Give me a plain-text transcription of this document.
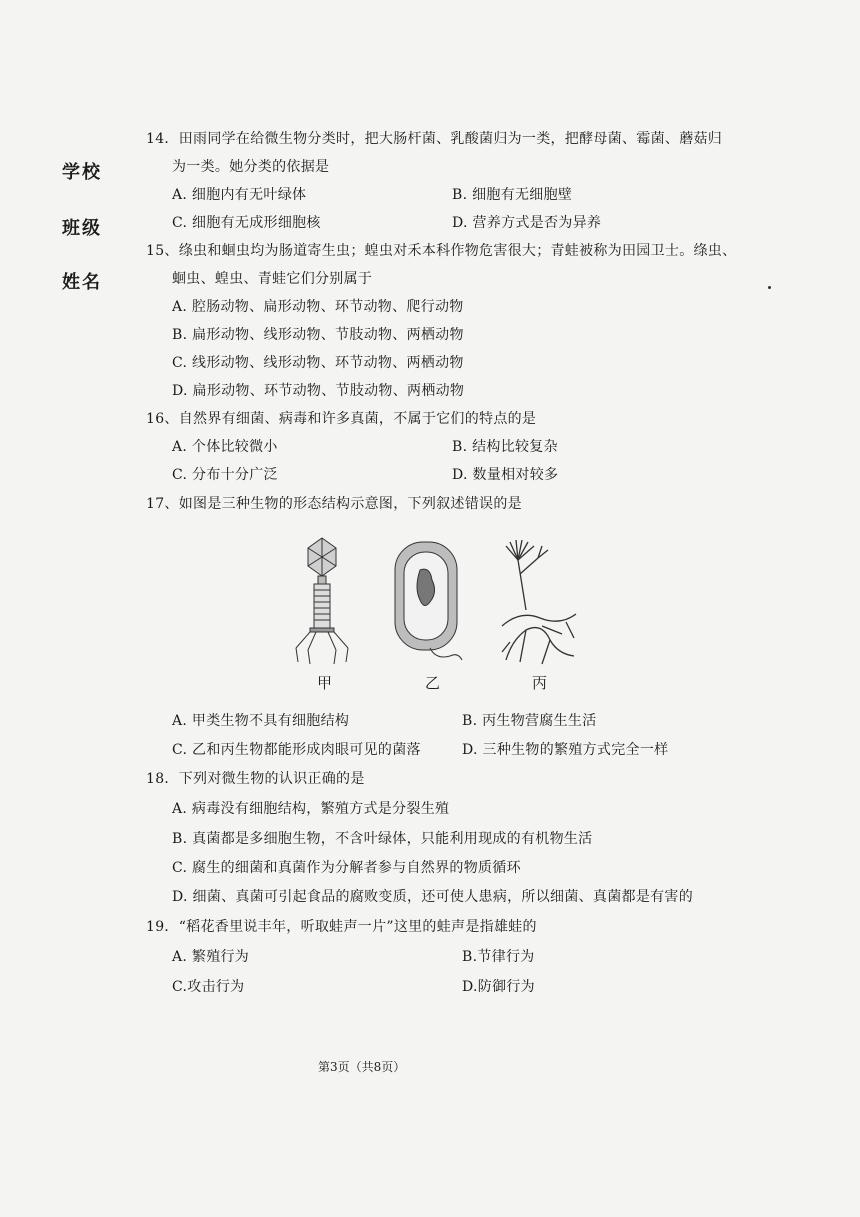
学校
班级
姓名
14．田雨同学在给微生物分类时，把大肠杆菌、乳酸菌归为一类，把酵母菌、霉菌、蘑菇归
为一类。她分类的依据是
A. 细胞内有无叶绿体	B. 细胞有无细胞壁
C. 细胞有无成形细胞核	D. 营养方式是否为异养
15、绦虫和蛔虫均为肠道寄生虫；蝗虫对禾本科作物危害很大；青蛙被称为田园卫士。绦虫、
蛔虫、蝗虫、青蛙它们分别属于
A. 腔肠动物、扁形动物、环节动物、爬行动物
B. 扁形动物、线形动物、节肢动物、两栖动物
C. 线形动物、线形动物、环节动物、两栖动物
D. 扁形动物、环节动物、节肢动物、两栖动物
16、自然界有细菌、病毒和许多真菌，不属于它们的特点的是
A. 个体比较微小	B. 结构比较复杂
C. 分布十分广泛	D. 数量相对较多
17、如图是三种生物的形态结构示意图，下列叙述错误的是
甲	乙	丙
A. 甲类生物不具有细胞结构	B. 丙生物营腐生生活
C. 乙和丙生物都能形成肉眼可见的菌落	D. 三种生物的繁殖方式完全一样
18．下列对微生物的认识正确的是
A. 病毒没有细胞结构，繁殖方式是分裂生殖
B. 真菌都是多细胞生物，不含叶绿体，只能利用现成的有机物生活
C. 腐生的细菌和真菌作为分解者参与自然界的物质循环
D. 细菌、真菌可引起食品的腐败变质，还可使人患病，所以细菌、真菌都是有害的
19．“稻花香里说丰年，听取蛙声一片”这里的蛙声是指雄蛙的
A. 繁殖行为	B.节律行为
C.攻击行为	D.防御行为
第3页（共8页）
